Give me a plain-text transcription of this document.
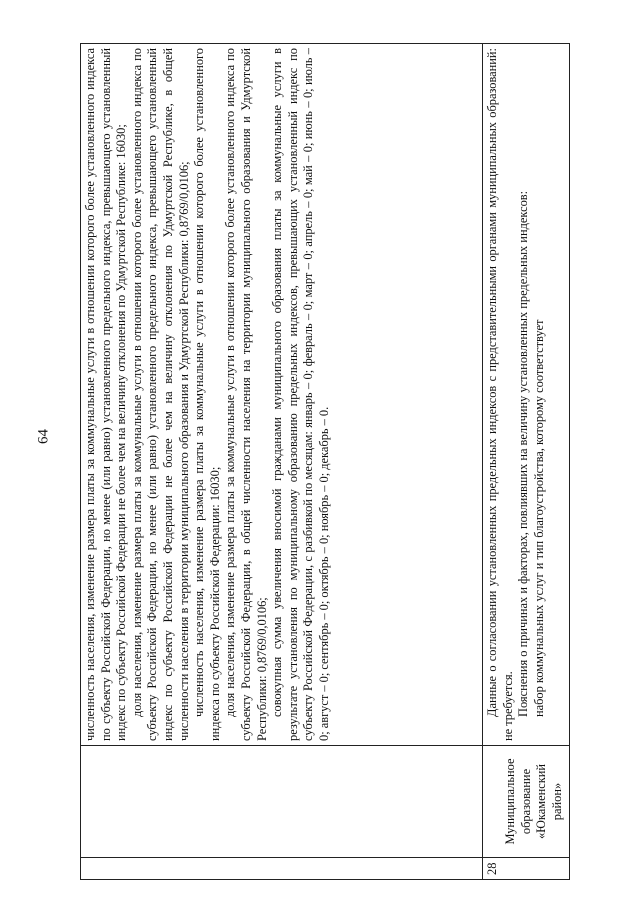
64

		численность населения, изменение размера платы за коммунальные услуги в отношении которого более установленного индекса по субъекту Российской Федерации, но менее (или равно) установленного предельного индекса, превышающего установленный индекс по субъекту Российской Федерации не более чем на величину отклонения по Удмуртской Республике: 16030; доля населения, изменение размера платы за коммунальные услуги в отношении которого более установленного индекса по субъекту Российской Федерации, но менее (или равно) установленного предельного индекса, превышающего установленный индекс по субъекту Российской Федерации не более чем на величину отклонения по Удмуртской Республике, в общей численности населения в территории муниципального образования и Удмуртской Республики: 0,8769/0,0106; численность населения, изменение размера платы за коммунальные услуги в отношении которого более установленного индекса по субъекту Российской Федерации: 16030; доля населения, изменение размера платы за коммунальные услуги в отношении которого более установленного индекса по субъекту Российской Федерации, в общей численности населения на территории муниципального образования и Удмуртской Республики: 0,8769/0,0106; совокупная сумма увеличения вносимой гражданами муниципального образования платы за коммунальные услуги в результате установления по муниципальному образованию предельных индексов, превышающих установленный индекс по субъекту Российской Федерации, с разбивкой по месяцам: январь – 0; февраль – 0; март – 0; апрель – 0; май – 0; июнь – 0; июль – 0; август – 0; сентябрь – 0; октябрь – 0; ноябрь – 0; декабрь – 0.

28	Муниципальное образование «Юкаменский район»	Данные о согласовании установленных предельных индексов с представительными органами муниципальных образований: не требуется. Пояснения о причинах и факторах, повлиявших на величину установленных предельных индексов: набор коммунальных услуг и тип благоустройства, которому соответствует
